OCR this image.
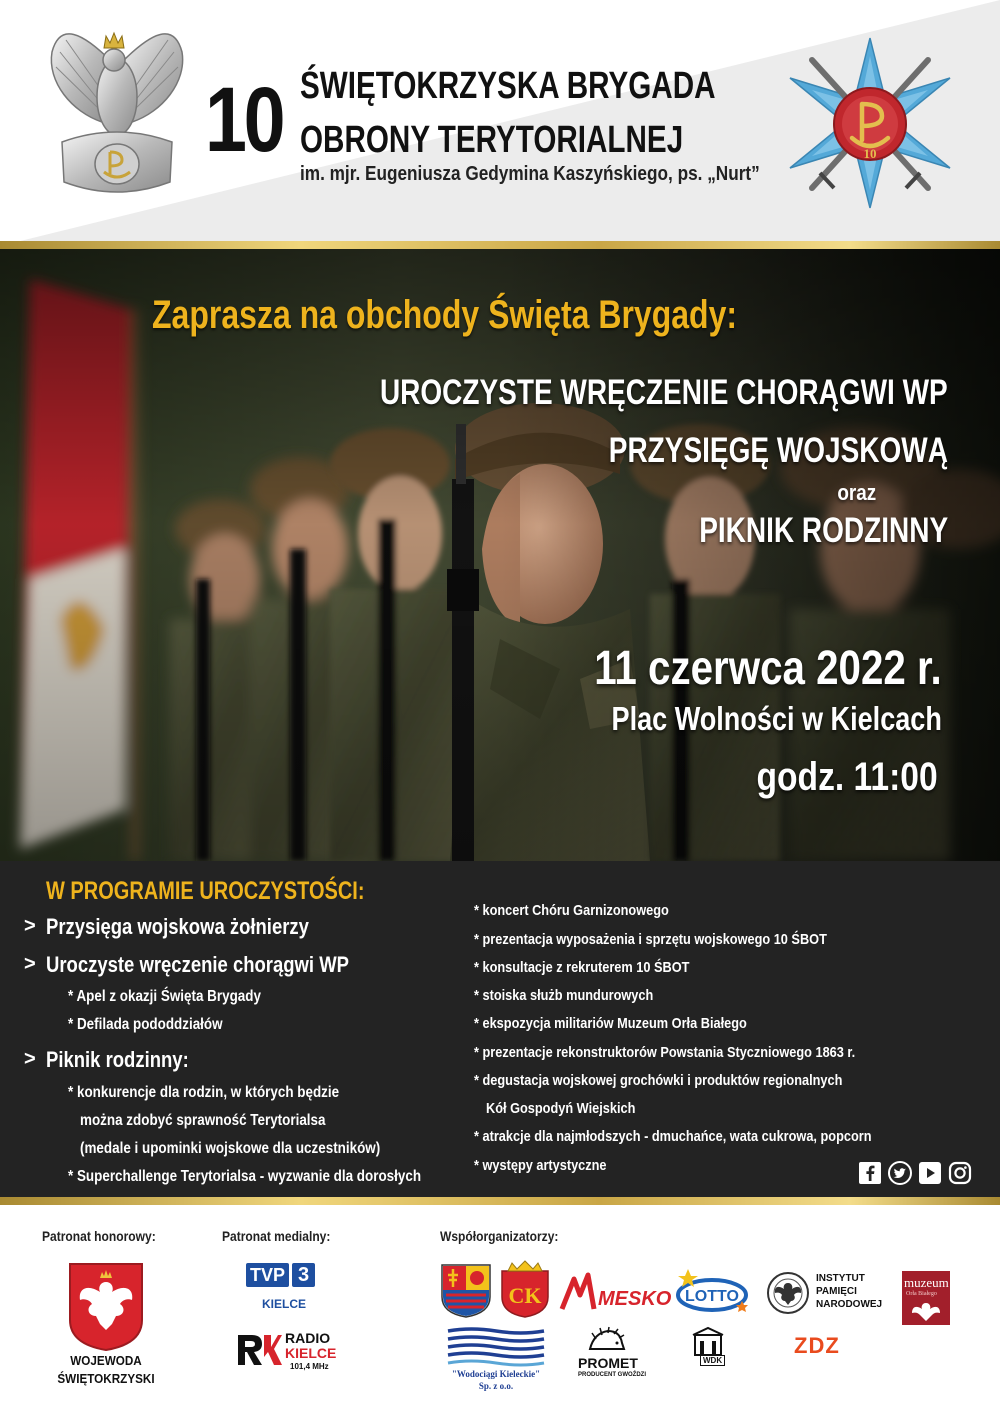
10 ŚWIĘTOKRZYSKA BRYGADA
OBRONY TERYTORIALNEJ
im. mjr. Eugeniusza Gedymina Kaszyńskiego, ps. „Nurt”
10
Zaprasza na obchody Święta Brygady:
UROCZYSTE WRĘCZENIE CHORĄGWI WP
PRZYSIĘGĘ WOJSKOWĄ
oraz
PIKNIK RODZINNY
11 czerwca 2022 r.
Plac Wolności w Kielcach
godz. 11:00
W PROGRAMIE UROCZYSTOŚCI:
> Przysięga wojskowa żołnierzy
> Uroczyste wręczenie chorągwi WP
* Apel z okazji Święta Brygady
* Defilada pododdziałów
> Piknik rodzinny:
* konkurencje dla rodzin, w których będzie
można zdobyć sprawność Terytorialsa
(medale i upominki wojskowe dla uczestników)
* Superchallenge Terytorialsa - wyzwanie dla dorosłych
* koncert Chóru Garnizonowego
* prezentacja wyposażenia i sprzętu wojskowego 10 ŚBOT
* konsultacje z rekruterem 10 ŚBOT
* stoiska służb mundurowych
* ekspozycja militariów Muzeum Orła Białego
* prezentacje rekonstruktorów Powstania Styczniowego 1863 r.
* degustacja wojskowej grochówki i produktów regionalnych
Kół Gospodyń Wiejskich
* atrakcje dla najmłodszych - dmuchańce, wata cukrowa, popcorn
* występy artystyczne
Patronat honorowy:	Patronat medialny:	Współorganizatorzy:
WOJEWODA
ŚWIĘTOKRZYSKI
TVP 3
KIELCE
RADIO
KIELCE
101,4 MHz
CK	MESKO LOTTO
INSTYTUT
PAMIĘCI
NARODOWEJ
muzeum
Orła Białego
"Wodociągi Kieleckie"
Sp. z o.o.
PROMET
PRODUCENT GWOŹDZI
WDK
ZDZ
